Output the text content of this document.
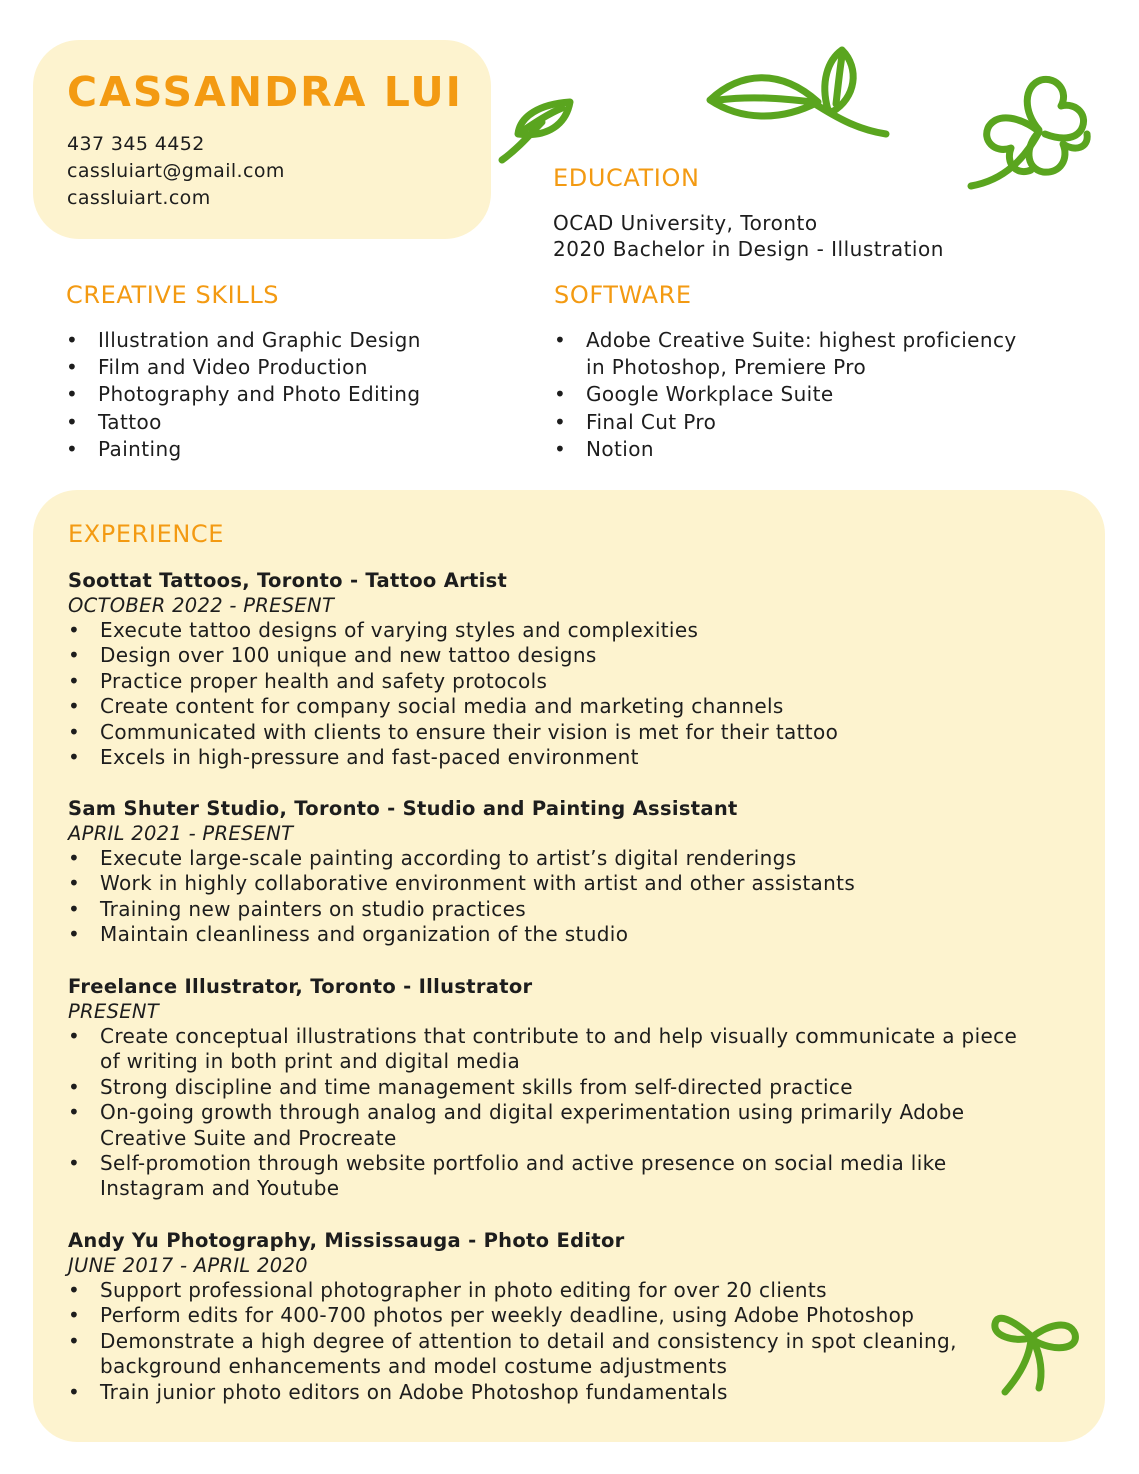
CASSANDRA LUI
437 345 4452
cassluiart@gmail.com
cassluiart.com
EDUCATION
OCAD University, Toronto
2020 Bachelor in Design - Illustration
CREATIVE SKILLS
• Illustration and Graphic Design
• Film and Video Production
• Photography and Photo Editing
• Tattoo
• Painting
SOFTWARE
• Adobe Creative Suite: highest proficiency
in Photoshop, Premiere Pro
• Google Workplace Suite
• Final Cut Pro
• Notion
EXPERIENCE
Soottat Tattoos, Toronto - Tattoo Artist
OCTOBER 2022 - PRESENT
• Execute tattoo designs of varying styles and complexities
• Design over 100 unique and new tattoo designs
• Practice proper health and safety protocols
• Create content for company social media and marketing channels
• Communicated with clients to ensure their vision is met for their tattoo
• Excels in high-pressure and fast-paced environment
Sam Shuter Studio, Toronto - Studio and Painting Assistant
APRIL 2021 - PRESENT
• Execute large-scale painting according to artist’s digital renderings
• Work in highly collaborative environment with artist and other assistants
• Training new painters on studio practices
• Maintain cleanliness and organization of the studio
Freelance Illustrator, Toronto - Illustrator
PRESENT
• Create conceptual illustrations that contribute to and help visually communicate a piece
of writing in both print and digital media
• Strong discipline and time management skills from self-directed practice
• On-going growth through analog and digital experimentation using primarily Adobe
Creative Suite and Procreate
• Self-promotion through website portfolio and active presence on social media like
Instagram and Youtube
Andy Yu Photography, Mississauga - Photo Editor
JUNE 2017 - APRIL 2020
• Support professional photographer in photo editing for over 20 clients
• Perform edits for 400-700 photos per weekly deadline, using Adobe Photoshop
• Demonstrate a high degree of attention to detail and consistency in spot cleaning,
background enhancements and model costume adjustments
• Train junior photo editors on Adobe Photoshop fundamentals
